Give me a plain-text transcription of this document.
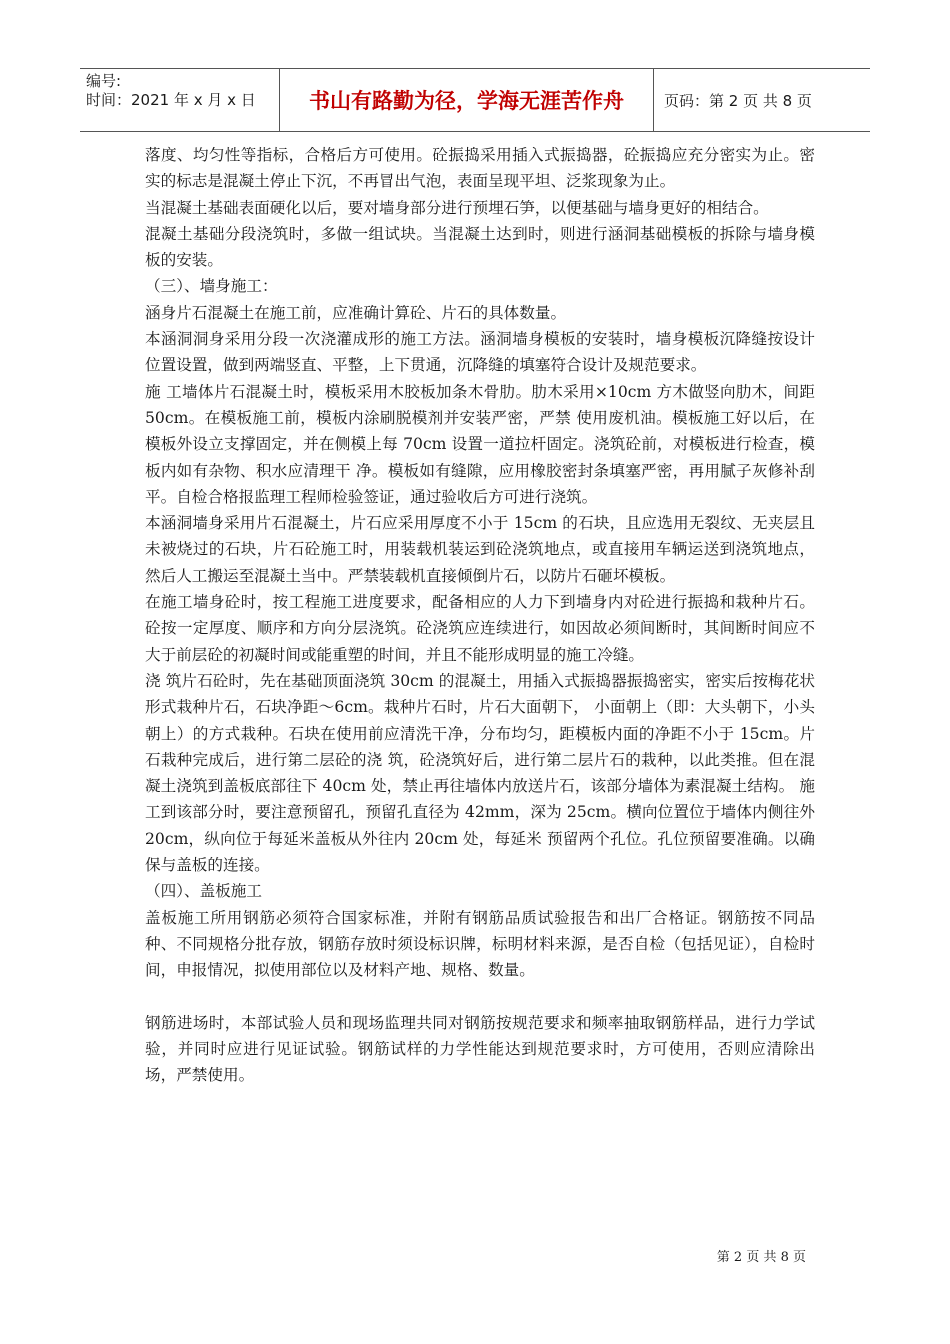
编号:
时间：2021 年 x 月 x 日	书山有路勤为径，学海无涯苦作舟	页码：第 2 页 共 8 页

落度、均匀性等指标，合格后方可使用。砼振捣采用插入式振捣器，砼振捣应充分密实为止。密实的标志是混凝土停止下沉，不再冒出气泡，表面呈现平坦、泛浆现象为止。

当混凝土基础表面硬化以后，要对墙身部分进行预埋石笋，以便基础与墙身更好的相结合。

混凝土基础分段浇筑时，多做一组试块。当混凝土达到时，则进行涵洞基础模板的拆除与墙身模板的安装。

（三）、墙身施工：

涵身片石混凝土在施工前，应准确计算砼、片石的具体数量。

本涵洞洞身采用分段一次浇灌成形的施工方法。涵洞墙身模板的安装时，墙身模板沉降缝按设计位置设置，做到两端竖直、平整，上下贯通，沉降缝的填塞符合设计及规范要求。

施 工墙体片石混凝土时，模板采用木胶板加条木骨肋。肋木采用×10cm 方木做竖向肋木，间距 50cm。在模板施工前，模板内涂刷脱模剂并安装严密，严禁 使用废机油。模板施工好以后，在模板外设立支撑固定，并在侧模上每 70cm 设置一道拉杆固定。浇筑砼前，对模板进行检查，模板内如有杂物、积水应清理干 净。模板如有缝隙，应用橡胶密封条填塞严密，再用腻子灰修补刮平。自检合格报监理工程师检验签证，通过验收后方可进行浇筑。

本涵洞墙身采用片石混凝土，片石应采用厚度不小于 15cm 的石块，且应选用无裂纹、无夹层且未被烧过的石块，片石砼施工时，用装载机装运到砼浇筑地点，或直接用车辆运送到浇筑地点，然后人工搬运至混凝土当中。严禁装载机直接倾倒片石，以防片石砸坏模板。

在施工墙身砼时，按工程施工进度要求，配备相应的人力下到墙身内对砼进行振捣和栽种片石。砼按一定厚度、顺序和方向分层浇筑。砼浇筑应连续进行，如因故必须间断时，其间断时间应不大于前层砼的初凝时间或能重塑的时间，并且不能形成明显的施工冷缝。

浇 筑片石砼时，先在基础顶面浇筑 30cm 的混凝土，用插入式振捣器振捣密实，密实后按梅花状形式栽种片石，石块净距～6cm。栽种片石时，片石大面朝下， 小面朝上（即：大头朝下，小头朝上）的方式栽种。石块在使用前应清洗干净，分布均匀，距模板内面的净距不小于 15cm。片石栽种完成后，进行第二层砼的浇 筑，砼浇筑好后，进行第二层片石的栽种，以此类推。但在混凝土浇筑到盖板底部往下 40cm 处，禁止再往墙体内放送片石，该部分墙体为素混凝土结构。 施工到该部分时，要注意预留孔，预留孔直径为 42mm，深为 25cm。横向位置位于墙体内侧往外 20cm，纵向位于每延米盖板从外往内 20cm 处，每延米 预留两个孔位。孔位预留要准确。以确保与盖板的连接。

（四）、盖板施工

盖板施工所用钢筋必须符合国家标准，并附有钢筋品质试验报告和出厂合格证。钢筋按不同品种、不同规格分批存放，钢筋存放时须设标识牌，标明材料来源，是否自检（包括见证），自检时间，申报情况，拟使用部位以及材料产地、规格、数量。

钢筋进场时，本部试验人员和现场监理共同对钢筋按规范要求和频率抽取钢筋样品，进行力学试验，并同时应进行见证试验。钢筋试样的力学性能达到规范要求时，方可使用，否则应清除出场，严禁使用。

第 2 页 共 8 页
